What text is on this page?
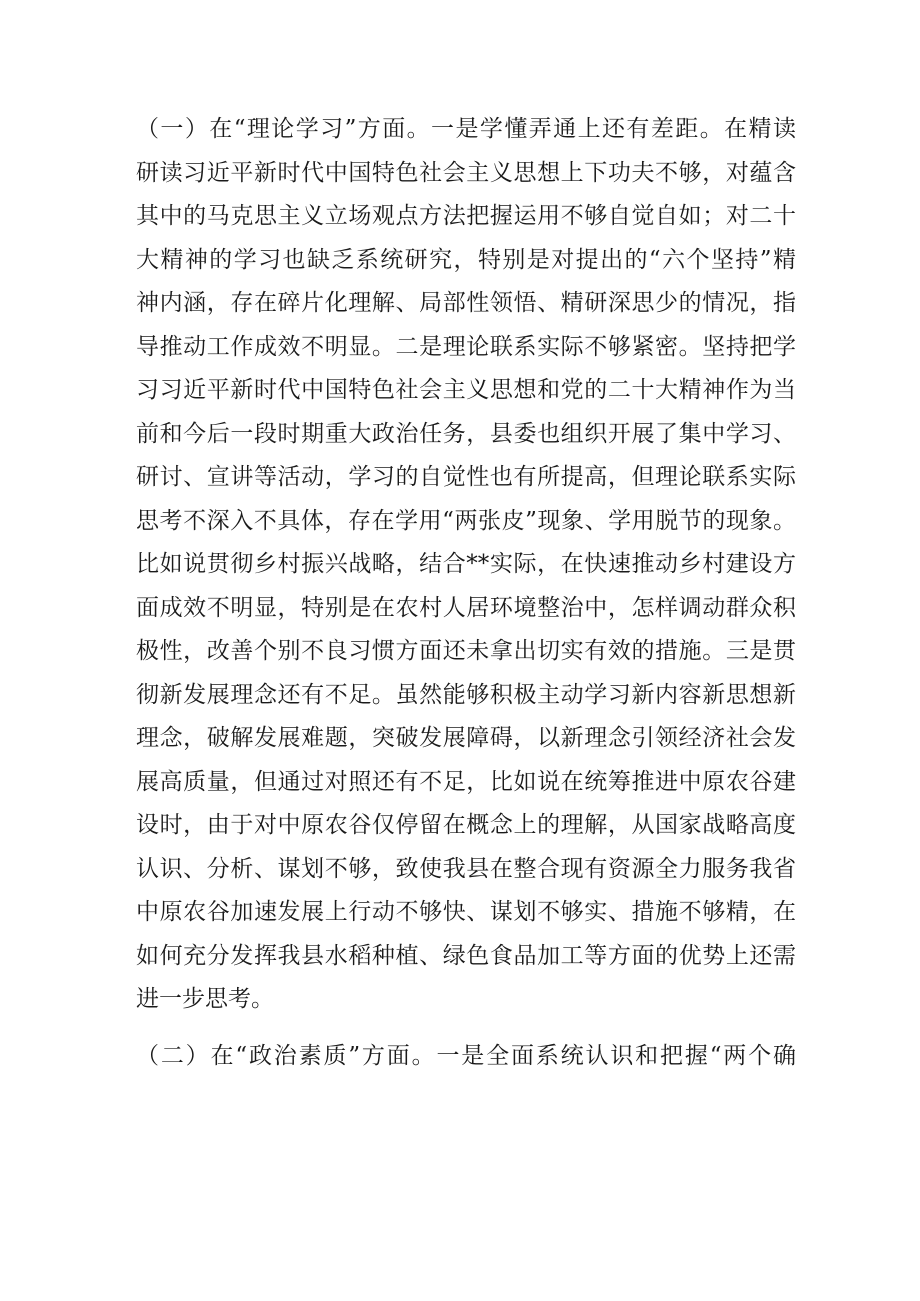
（一）在“理论学习”方面。一是学懂弄通上还有差距。在精读
研读习近平新时代中国特色社会主义思想上下功夫不够，对蕴含
其中的马克思主义立场观点方法把握运用不够自觉自如；对二十
大精神的学习也缺乏系统研究，特别是对提出的“六个坚持”精
神内涵，存在碎片化理解、局部性领悟、精研深思少的情况，指
导推动工作成效不明显。二是理论联系实际不够紧密。坚持把学
习习近平新时代中国特色社会主义思想和党的二十大精神作为当
前和今后一段时期重大政治任务，县委也组织开展了集中学习、
研讨、宣讲等活动，学习的自觉性也有所提高，但理论联系实际
思考不深入不具体，存在学用“两张皮”现象、学用脱节的现象。
比如说贯彻乡村振兴战略，结合**实际，在快速推动乡村建设方
面成效不明显，特别是在农村人居环境整治中，怎样调动群众积
极性，改善个别不良习惯方面还未拿出切实有效的措施。三是贯
彻新发展理念还有不足。虽然能够积极主动学习新内容新思想新
理念，破解发展难题，突破发展障碍，以新理念引领经济社会发
展高质量，但通过对照还有不足，比如说在统筹推进中原农谷建
设时，由于对中原农谷仅停留在概念上的理解，从国家战略高度
认识、分析、谋划不够，致使我县在整合现有资源全力服务我省
中原农谷加速发展上行动不够快、谋划不够实、措施不够精，在
如何充分发挥我县水稻种植、绿色食品加工等方面的优势上还需
进一步思考。
（二）在“政治素质”方面。一是全面系统认识和把握“两个确
